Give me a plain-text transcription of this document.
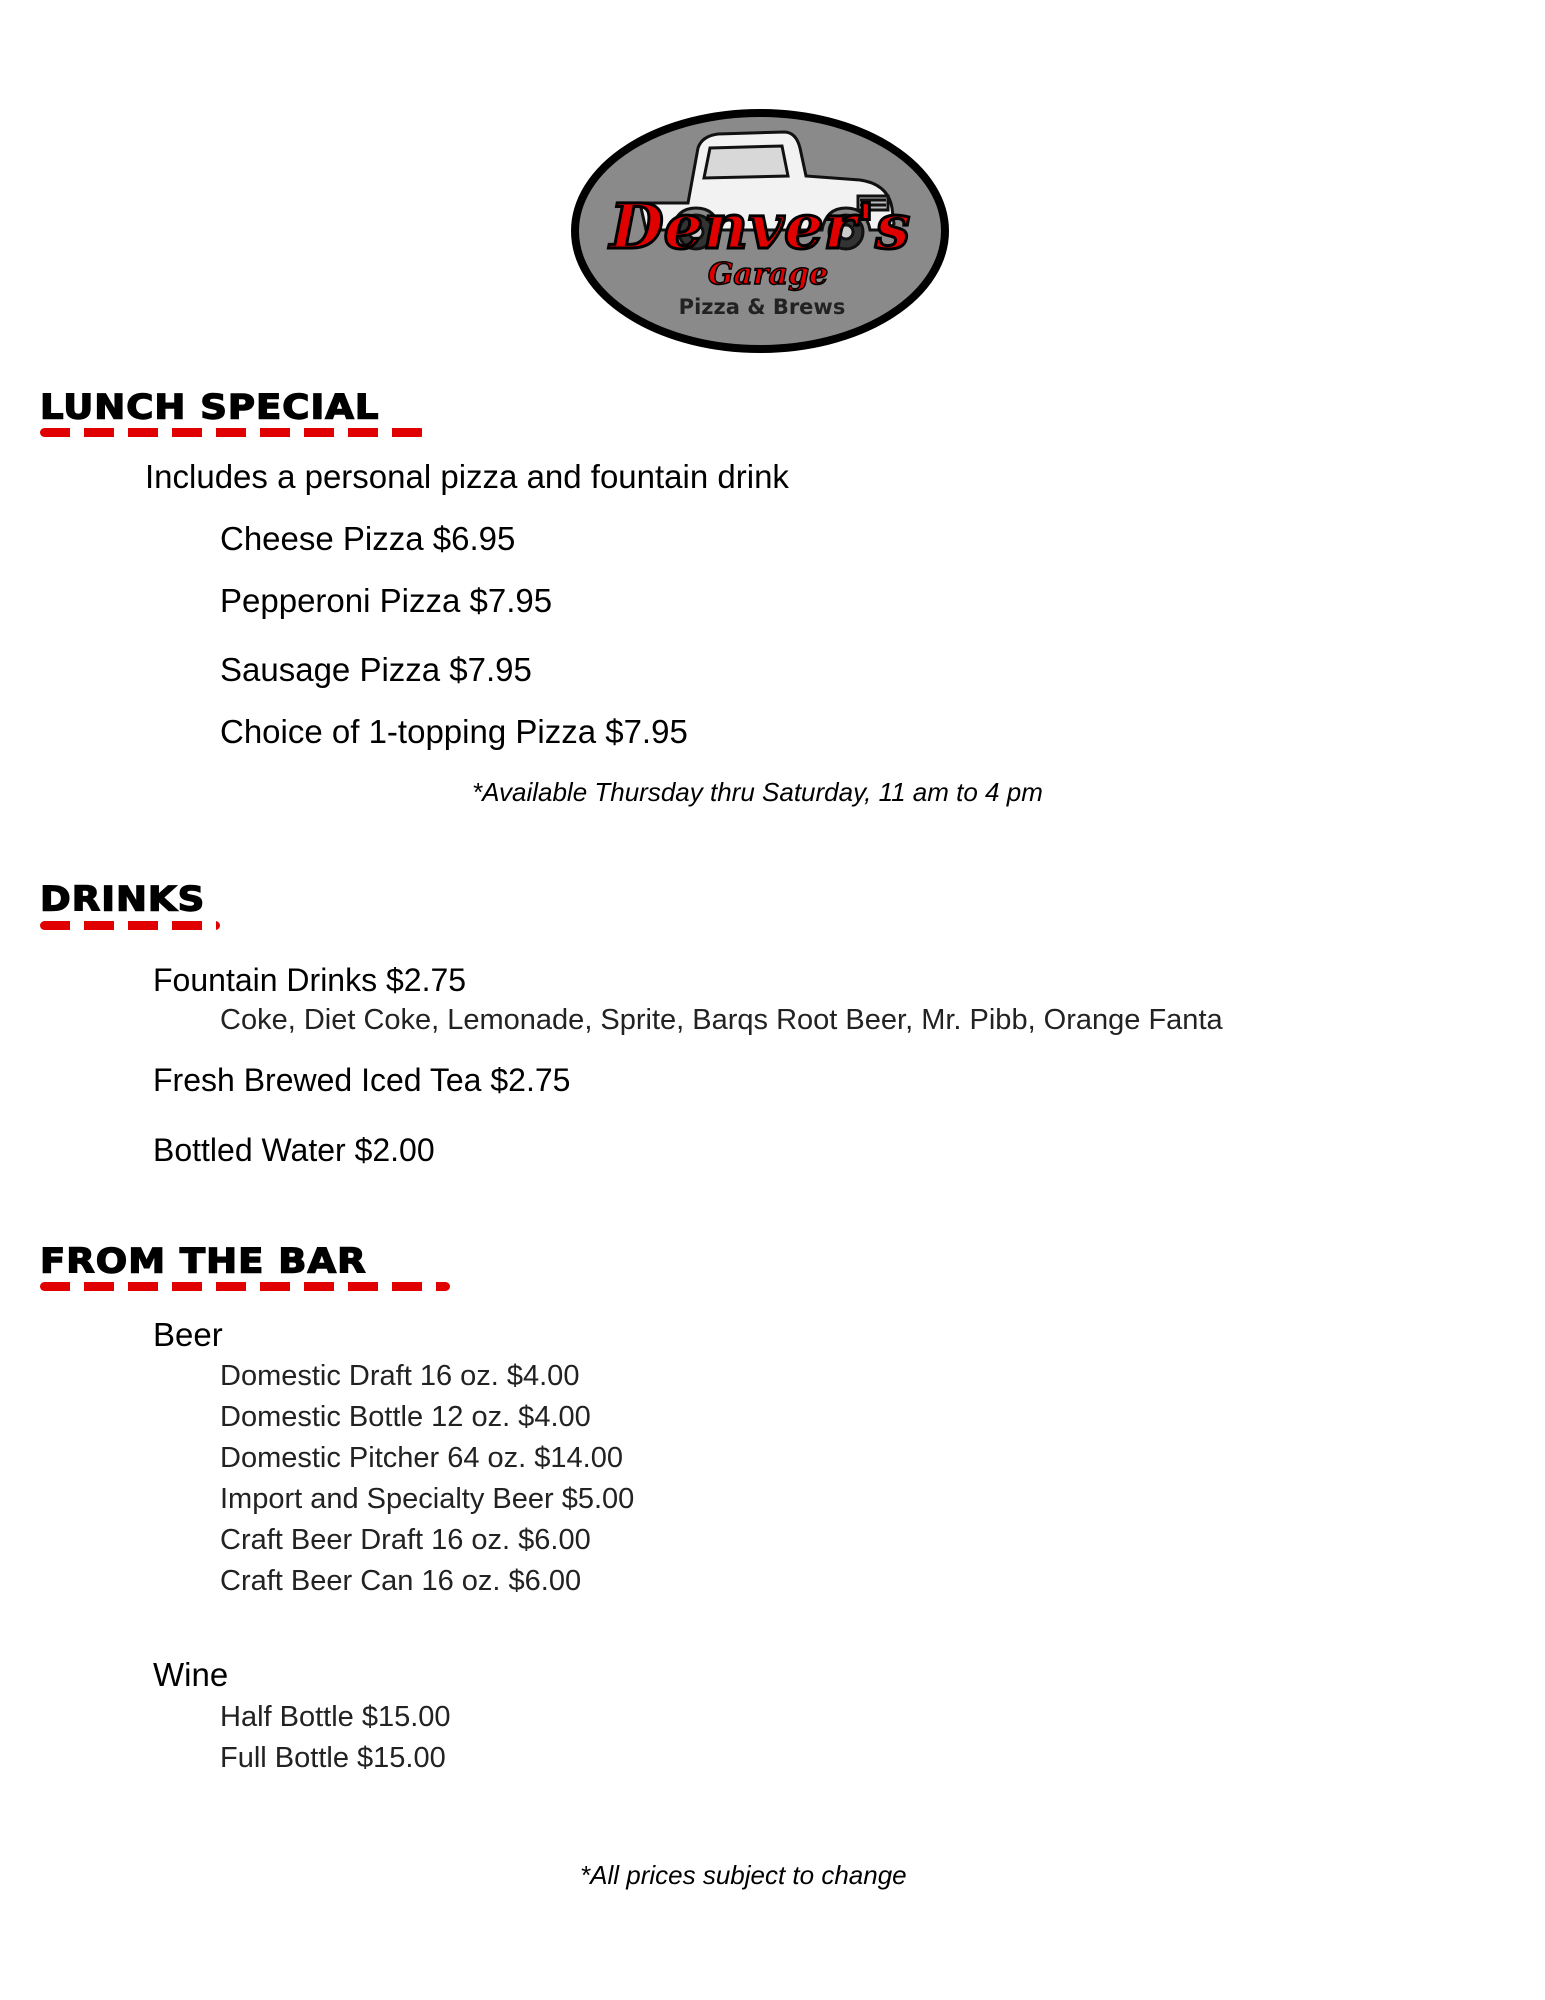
Denver's
Garage
Pizza & Brews
LUNCH SPECIAL
Includes a personal pizza and fountain drink
Cheese Pizza $6.95
Pepperoni Pizza $7.95
Sausage Pizza $7.95
Choice of 1-topping Pizza $7.95
*Available Thursday thru Saturday, 11 am to 4 pm
DRINKS
Fountain Drinks $2.75
Coke, Diet Coke, Lemonade, Sprite, Barqs Root Beer, Mr. Pibb, Orange Fanta
Fresh Brewed Iced Tea $2.75
Bottled Water $2.00
FROM THE BAR
Beer
Domestic Draft 16 oz. $4.00
Domestic Bottle 12 oz. $4.00
Domestic Pitcher 64 oz. $14.00
Import and Specialty Beer $5.00
Craft Beer Draft 16 oz. $6.00
Craft Beer Can 16 oz. $6.00
Wine
Half Bottle $15.00
Full Bottle $15.00
*All prices subject to change
